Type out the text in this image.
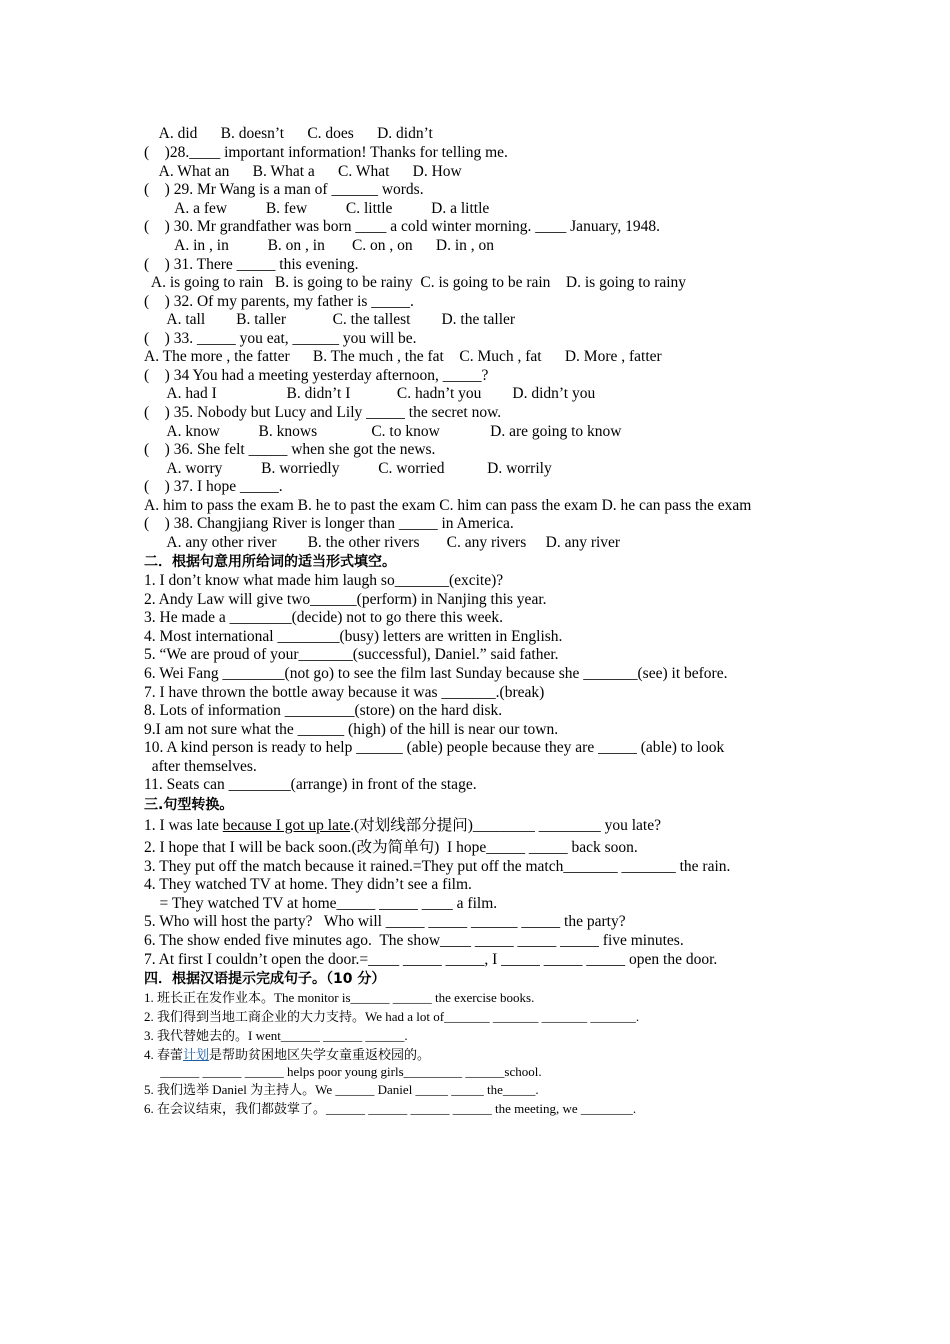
A. did      B. doesn’t      C. does      D. didn’t
(    )28.____ important information! Thanks for telling me.
A. What an      B. What a      C. What      D. How
(    ) 29. Mr Wang is a man of ______ words.
A. a few          B. few          C. little          D. a little
(    ) 30. Mr grandfather was born ____ a cold winter morning. ____ January, 1948.
A. in , in          B. on , in       C. on , on      D. in , on
(    ) 31. There _____ this evening.
A. is going to rain   B. is going to be rainy  C. is going to be rain    D. is going to rainy
(    ) 32. Of my parents, my father is _____.
A. tall        B. taller            C. the tallest        D. the taller
(    ) 33. _____ you eat, ______ you will be.
A. The more , the fatter      B. The much , the fat    C. Much , fat      D. More , fatter
(    ) 34 You had a meeting yesterday afternoon, _____?
A. had I                  B. didn’t I            C. hadn’t you        D. didn’t you
(    ) 35. Nobody but Lucy and Lily _____ the secret now.
A. know          B. knows              C. to know             D. are going to know
(    ) 36. She felt _____ when she got the news.
A. worry          B. worriedly          C. worried           D. worrily
(    ) 37. I hope _____.
A. him to pass the exam B. he to past the exam C. him can pass the exam D. he can pass the exam
(    ) 38. Changjiang River is longer than _____ in America.
A. any other river        B. the other rivers       C. any rivers     D. any river
二．根据句意用所给词的适当形式填空。
1. I don’t know what made him laugh so_______(excite)?
2. Andy Law will give two______(perform) in Nanjing this year.
3. He made a ________(decide) not to go there this week.
4. Most international ________(busy) letters are written in English.
5. “We are proud of your_______(successful), Daniel.” said father.
6. Wei Fang ________(not go) to see the film last Sunday because she _______(see) it before.
7. I have thrown the bottle away because it was _______.(break)
8. Lots of information _________(store) on the hard disk.
9.I am not sure what the ______ (high) of the hill is near our town.
10. A kind person is ready to help ______ (able) people because they are _____ (able) to look
after themselves.
11. Seats can ________(arrange) in front of the stage.
三.句型转换。
1. I was late because I got up late.(对划线部分提问)________ ________ you late?
2. I hope that I will be back soon.(改为简单句)  I hope_____ _____ back soon.
3. They put off the match because it rained.=They put off the match_______ _______ the rain.
4. They watched TV at home. They didn’t see a film.
= They watched TV at home_____ _____ ____ a film.
5. Who will host the party?   Who will _____ _____ ______ _____ the party?
6. The show ended five minutes ago.  The show____ _____ _____ _____ five minutes.
7. At first I couldn’t open the door.=____ _____ _____, I _____ _____ _____ open the door.
四．根据汉语提示完成句子。（10 分）
1. 班长正在发作业本。The monitor is______ ______ the exercise books.
2. 我们得到当地工商企业的大力支持。We had a lot of_______ _______ _______ _______.
3. 我代替她去的。I went______ ______ ______.
4. 春蕾计划是帮助贫困地区失学女童重返校园的。
______ ______ ______ helps poor young girls_________ ______school.
5. 我们选举 Daniel 为主持人。We ______ Daniel _____ _____ the_____.
6. 在会议结束，我们都鼓掌了。______ ______ ______ ______ the meeting, we ________.
